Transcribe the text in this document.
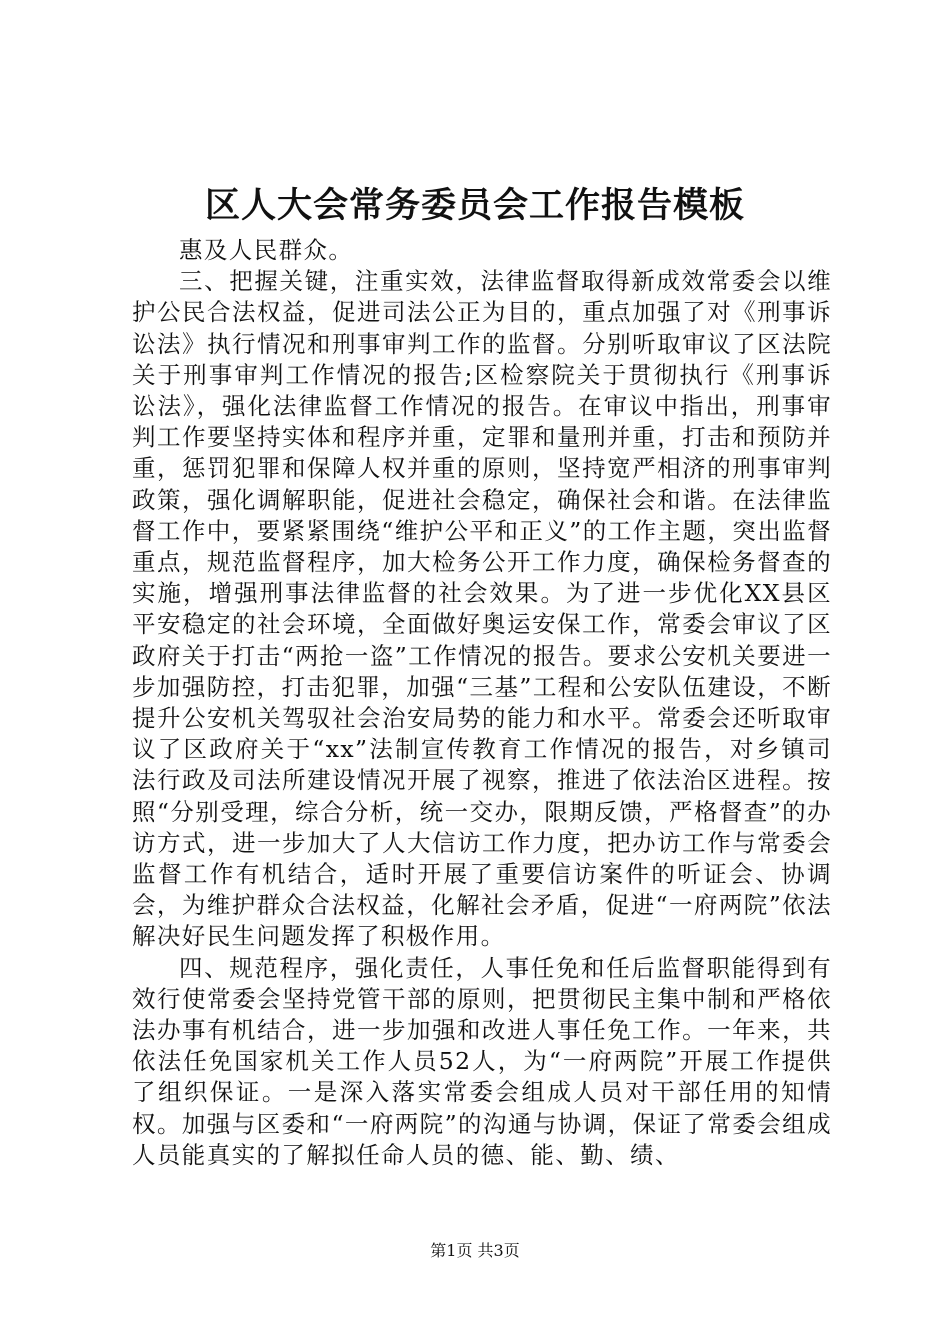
区人大会常务委员会工作报告模板

惠及人民群众。

三、把握关键，注重实效，法律监督取得新成效常委会以维护公民合法权益，促进司法公正为目的，重点加强了对《刑事诉讼法》执行情况和刑事审判工作的监督。分别听取审议了区法院关于刑事审判工作情况的报告;区检察院关于贯彻执行《刑事诉讼法》，强化法律监督工作情况的报告。在审议中指出，刑事审判工作要坚持实体和程序并重，定罪和量刑并重，打击和预防并重，惩罚犯罪和保障人权并重的原则，坚持宽严相济的刑事审判政策，强化调解职能，促进社会稳定，确保社会和谐。在法律监督工作中，要紧紧围绕“维护公平和正义”的工作主题，突出监督重点，规范监督程序，加大检务公开工作力度，确保检务督查的实施，增强刑事法律监督的社会效果。为了进一步优化XX县区平安稳定的社会环境，全面做好奥运安保工作，常委会审议了区政府关于打击“两抢一盗”工作情况的报告。要求公安机关要进一步加强防控，打击犯罪，加强“三基”工程和公安队伍建设，不断提升公安机关驾驭社会治安局势的能力和水平。常委会还听取审议了区政府关于“xx”法制宣传教育工作情况的报告，对乡镇司法行政及司法所建设情况开展了视察，推进了依法治区进程。按照“分别受理，综合分析，统一交办，限期反馈，严格督查”的办访方式，进一步加大了人大信访工作力度，把办访工作与常委会监督工作有机结合，适时开展了重要信访案件的听证会、协调会，为维护群众合法权益，化解社会矛盾，促进“一府两院”依法解决好民生问题发挥了积极作用。

四、规范程序，强化责任，人事任免和任后监督职能得到有效行使常委会坚持党管干部的原则，把贯彻民主集中制和严格依法办事有机结合，进一步加强和改进人事任免工作。一年来，共依法任免国家机关工作人员52人，为“一府两院”开展工作提供了组织保证。一是深入落实常委会组成人员对干部任用的知情权。加强与区委和“一府两院”的沟通与协调，保证了常委会组成人员能真实的了解拟任命人员的德、能、勤、绩、

第1页 共3页
